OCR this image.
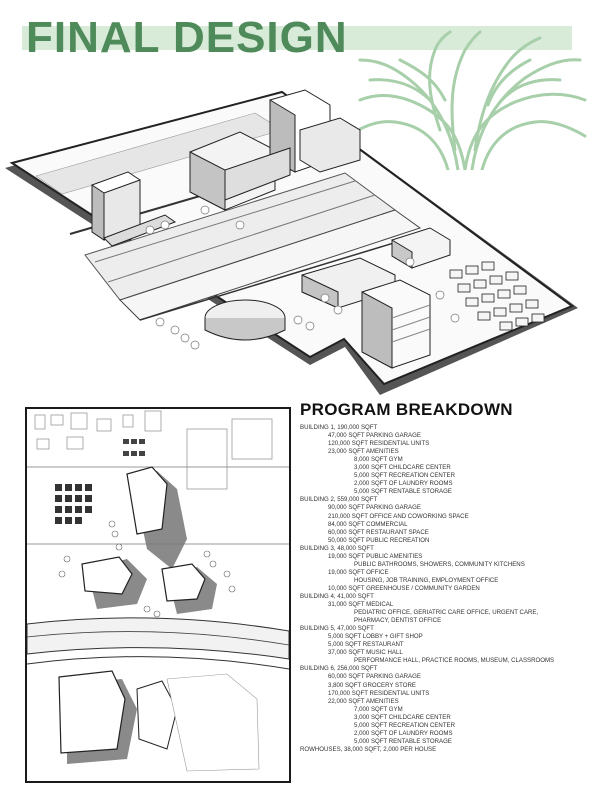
FINAL DESIGN
PROGRAM BREAKDOWN
BUILDING 1, 190,000 SQFT
47,000 SQFT PARKING GARAGE
120,000 SQFT RESIDENTIAL UNITS
23,000 SQFT AMENITIES
8,000 SQFT GYM
3,000 SQFT CHILDCARE CENTER
5,000 SQFT RECREATION CENTER
2,000 SQFT OF LAUNDRY ROOMS
5,000 SQFT RENTABLE STORAGE
BUILDING 2, 559,000 SQFT
90,000 SQFT PARKING GARAGE
210,000 SQFT OFFICE AND COWORKING SPACE
84,000 SQFT COMMERCIAL
60,000 SQFT RESTAURANT SPACE
50,000 SQFT PUBLIC RECREATION
BUILDING 3, 48,000 SQFT
19,000 SQFT PUBLIC AMENITIES
PUBLIC BATHROOMS, SHOWERS, COMMUNITY KITCHENS
19,000 SQFT OFFICE
HOUSING, JOB TRAINING, EMPLOYMENT OFFICE
10,000 SQFT GREENHOUSE / COMMUNITY GARDEN
BUILDING 4, 41,000 SQFT
31,000 SQFT MEDICAL
PEDIATRIC OFFICE, GERIATRIC CARE OFFICE, URGENT CARE,
PHARMACY, DENTIST OFFICE
BUILDING 5, 47,000 SQFT
5,000 SQFT LOBBY + GIFT SHOP
5,000 SQFT RESTAURANT
37,000 SQFT MUSIC HALL
PERFORMANCE HALL, PRACTICE ROOMS, MUSEUM, CLASSROOMS
BUILDING 6, 256,000 SQFT
60,000 SQFT PARKING GARAGE
3,800 SQFT GROCERY STORE
170,000 SQFT RESIDENTIAL UNITS
22,000 SQFT AMENITIES
7,000 SQFT GYM
3,000 SQFT CHILDCARE CENTER
5,000 SQFT RECREATION CENTER
2,000 SQFT OF LAUNDRY ROOMS
5,000 SQFT RENTABLE STORAGE
ROWHOUSES, 38,000 SQFT, 2,000 PER HOUSE
